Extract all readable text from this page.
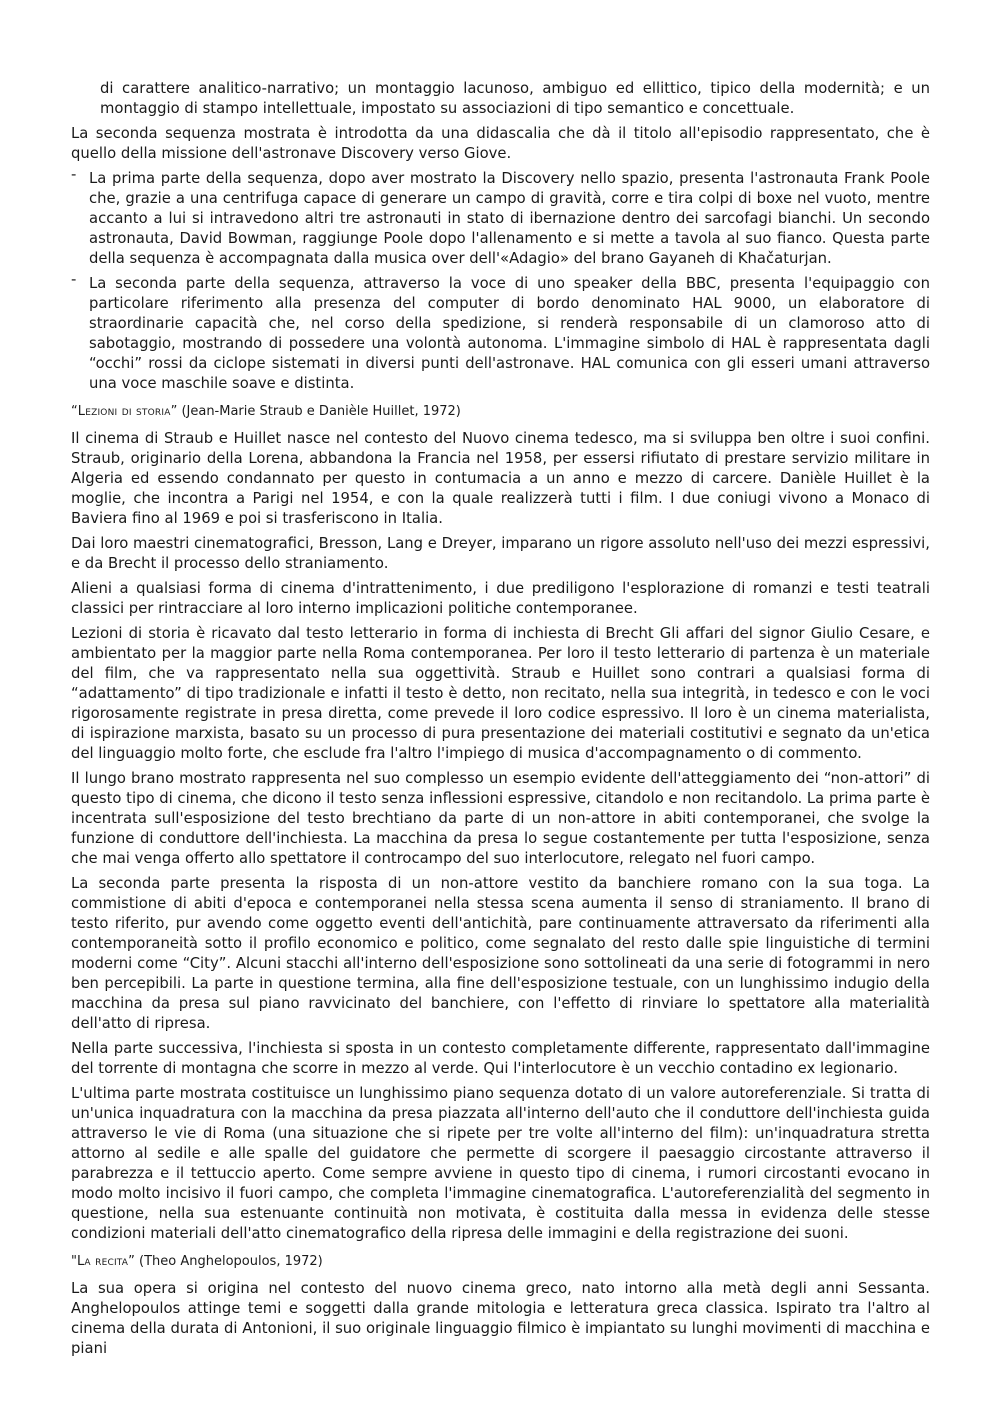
di carattere analitico-narrativo; un montaggio lacunoso, ambiguo ed ellittico, tipico della modernità; e un montaggio di stampo intellettuale, impostato su associazioni di tipo semantico e concettuale.

La seconda sequenza mostrata è introdotta da una didascalia che dà il titolo all'episodio rappresentato, che è quello della missione dell'astronave Discovery verso Giove.

- La prima parte della sequenza, dopo aver mostrato la Discovery nello spazio, presenta l'astronauta Frank Poole che, grazie a una centrifuga capace di generare un campo di gravità, corre e tira colpi di boxe nel vuoto, mentre accanto a lui si intravedono altri tre astronauti in stato di ibernazione dentro dei sarcofagi bianchi. Un secondo astronauta, David Bowman, raggiunge Poole dopo l'allenamento e si mette a tavola al suo fianco. Questa parte della sequenza è accompagnata dalla musica over dell'«Adagio» del brano Gayaneh di Khačaturjan.
- La seconda parte della sequenza, attraverso la voce di uno speaker della BBC, presenta l'equipaggio con particolare riferimento alla presenza del computer di bordo denominato HAL 9000, un elaboratore di straordinarie capacità che, nel corso della spedizione, si renderà responsabile di un clamoroso atto di sabotaggio, mostrando di possedere una volontà autonoma. L'immagine simbolo di HAL è rappresentata dagli “occhi” rossi da ciclope sistemati in diversi punti dell'astronave. HAL comunica con gli esseri umani attraverso una voce maschile soave e distinta.
“Lezioni di storia” (Jean-Marie Straub e Danièle Huillet, 1972)

Il cinema di Straub e Huillet nasce nel contesto del Nuovo cinema tedesco, ma si sviluppa ben oltre i suoi confini. Straub, originario della Lorena, abbandona la Francia nel 1958, per essersi rifiutato di prestare servizio militare in Algeria ed essendo condannato per questo in contumacia a un anno e mezzo di carcere. Danièle Huillet è la moglie, che incontra a Parigi nel 1954, e con la quale realizzerà tutti i film. I due coniugi vivono a Monaco di Baviera fino al 1969 e poi si trasferiscono in Italia.

Dai loro maestri cinematografici, Bresson, Lang e Dreyer, imparano un rigore assoluto nell'uso dei mezzi espressivi, e da Brecht il processo dello straniamento.

Alieni a qualsiasi forma di cinema d'intrattenimento, i due prediligono l'esplorazione di romanzi e testi teatrali classici per rintracciare al loro interno implicazioni politiche contemporanee.

Lezioni di storia è ricavato dal testo letterario in forma di inchiesta di Brecht Gli affari del signor Giulio Cesare, e ambientato per la maggior parte nella Roma contemporanea. Per loro il testo letterario di partenza è un materiale del film, che va rappresentato nella sua oggettività. Straub e Huillet sono contrari a qualsiasi forma di “adattamento” di tipo tradizionale e infatti il testo è detto, non recitato, nella sua integrità, in tedesco e con le voci rigorosamente registrate in presa diretta, come prevede il loro codice espressivo. Il loro è un cinema materialista, di ispirazione marxista, basato su un processo di pura presentazione dei materiali costitutivi e segnato da un'etica del linguaggio molto forte, che esclude fra l'altro l'impiego di musica d'accompagnamento o di commento.

Il lungo brano mostrato rappresenta nel suo complesso un esempio evidente dell'atteggiamento dei “non-attori” di questo tipo di cinema, che dicono il testo senza inflessioni espressive, citandolo e non recitandolo. La prima parte è incentrata sull'esposizione del testo brechtiano da parte di un non-attore in abiti contemporanei, che svolge la funzione di conduttore dell'inchiesta. La macchina da presa lo segue costantemente per tutta l'esposizione, senza che mai venga offerto allo spettatore il controcampo del suo interlocutore, relegato nel fuori campo.

La seconda parte presenta la risposta di un non-attore vestito da banchiere romano con la sua toga. La commistione di abiti d'epoca e contemporanei nella stessa scena aumenta il senso di straniamento. Il brano di testo riferito, pur avendo come oggetto eventi dell'antichità, pare continuamente attraversato da riferimenti alla contemporaneità sotto il profilo economico e politico, come segnalato del resto dalle spie linguistiche di termini moderni come “City”. Alcuni stacchi all'interno dell'esposizione sono sottolineati da una serie di fotogrammi in nero ben percepibili. La parte in questione termina, alla fine dell'esposizione testuale, con un lunghissimo indugio della macchina da presa sul piano ravvicinato del banchiere, con l'effetto di rinviare lo spettatore alla materialità dell'atto di ripresa.

Nella parte successiva, l'inchiesta si sposta in un contesto completamente differente, rappresentato dall'immagine del torrente di montagna che scorre in mezzo al verde. Qui l'interlocutore è un vecchio contadino ex legionario.

L'ultima parte mostrata costituisce un lunghissimo piano sequenza dotato di un valore autoreferenziale. Si tratta di un'unica inquadratura con la macchina da presa piazzata all'interno dell'auto che il conduttore dell'inchiesta guida attraverso le vie di Roma (una situazione che si ripete per tre volte all'interno del film): un'inquadratura stretta attorno al sedile e alle spalle del guidatore che permette di scorgere il paesaggio circostante attraverso il parabrezza e il tettuccio aperto. Come sempre avviene in questo tipo di cinema, i rumori circostanti evocano in modo molto incisivo il fuori campo, che completa l'immagine cinematografica. L'autoreferenzialità del segmento in questione, nella sua estenuante continuità non motivata, è costituita dalla messa in evidenza delle stesse condizioni materiali dell'atto cinematografico della ripresa delle immagini e della registrazione dei suoni.

"La recita” (Theo Anghelopoulos, 1972)

La sua opera si origina nel contesto del nuovo cinema greco, nato intorno alla metà degli anni Sessanta. Anghelopoulos attinge temi e soggetti dalla grande mitologia e letteratura greca classica. Ispirato tra l'altro al cinema della durata di Antonioni, il suo originale linguaggio filmico è impiantato su lunghi movimenti di macchina e piani
